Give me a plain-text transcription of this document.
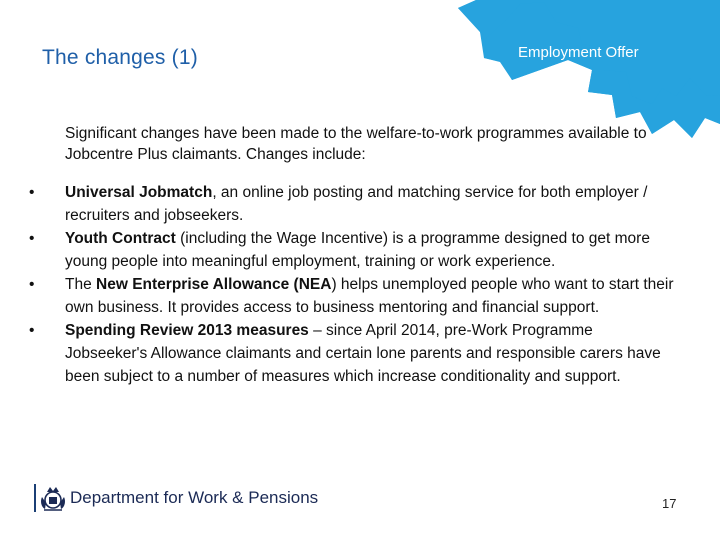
The changes (1)	Employment Offer
Significant changes have been made to the welfare-to-work programmes available to Jobcentre Plus claimants. Changes include:
• Universal Jobmatch, an online job posting and matching service for both employer / recruiters and jobseekers.
• Youth Contract (including the Wage Incentive) is a programme designed to get more young people into meaningful employment, training or work experience.
• The New Enterprise Allowance (NEA) helps unemployed people who want to start their own business. It provides access to business mentoring and financial support.
• Spending Review 2013 measures – since April 2014, pre-Work Programme Jobseeker's Allowance claimants and certain lone parents and responsible carers have been subject to a number of measures which increase conditionality and support.
Department for Work & Pensions	17
